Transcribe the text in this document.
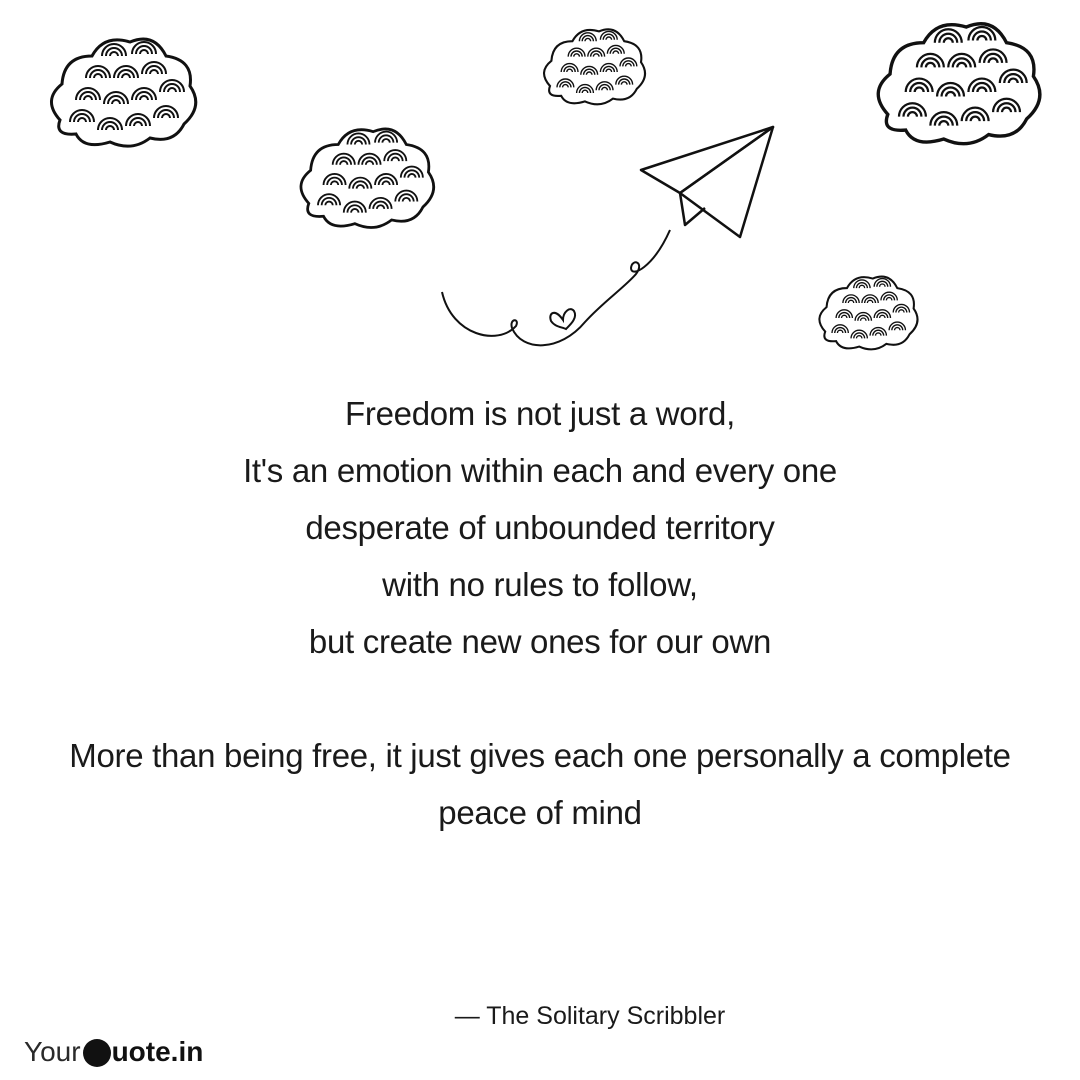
Freedom is not just a word,
It's an emotion within each and every one
desperate of unbounded territory
with no rules to follow,
but create new ones for our own
More than being free, it just gives each one personally a complete
peace of mind
— The Solitary Scribbler
Your uote.in
